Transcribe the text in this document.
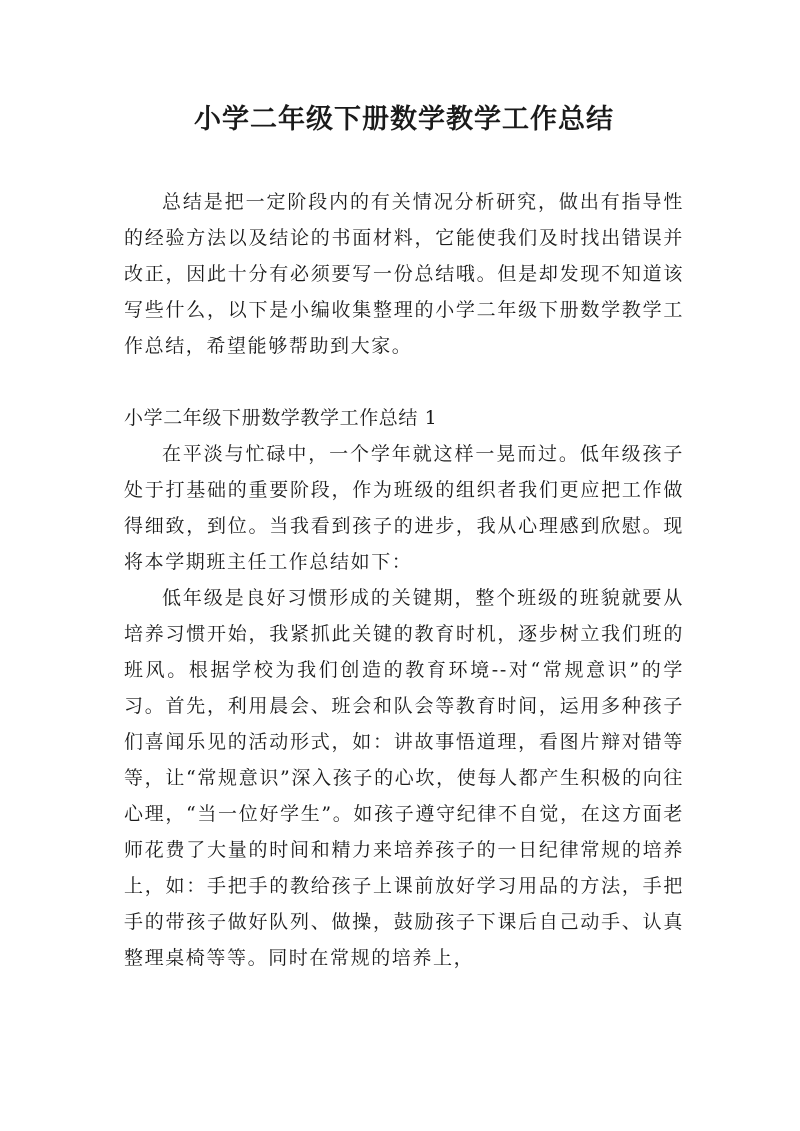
小学二年级下册数学教学工作总结

总结是把一定阶段内的有关情况分析研究，做出有指导性的经验方法以及结论的书面材料，它能使我们及时找出错误并改正，因此十分有必须要写一份总结哦。但是却发现不知道该写些什么，以下是小编收集整理的小学二年级下册数学教学工作总结，希望能够帮助到大家。

小学二年级下册数学教学工作总结 1

在平淡与忙碌中，一个学年就这样一晃而过。低年级孩子处于打基础的重要阶段，作为班级的组织者我们更应把工作做得细致，到位。当我看到孩子的进步，我从心理感到欣慰。现将本学期班主任工作总结如下：

低年级是良好习惯形成的关键期，整个班级的班貌就要从培养习惯开始，我紧抓此关键的教育时机，逐步树立我们班的班风。根据学校为我们创造的教育环境--对“常规意识”的学习。首先，利用晨会、班会和队会等教育时间，运用多种孩子们喜闻乐见的活动形式，如：讲故事悟道理，看图片辩对错等等，让“常规意识”深入孩子的心坎，使每人都产生积极的向往心理，“当一位好学生”。如孩子遵守纪律不自觉，在这方面老师花费了大量的时间和精力来培养孩子的一日纪律常规的培养上，如：手把手的教给孩子上课前放好学习用品的方法，手把手的带孩子做好队列、做操，鼓励孩子下课后自己动手、认真整理桌椅等等。同时在常规的培养上，
